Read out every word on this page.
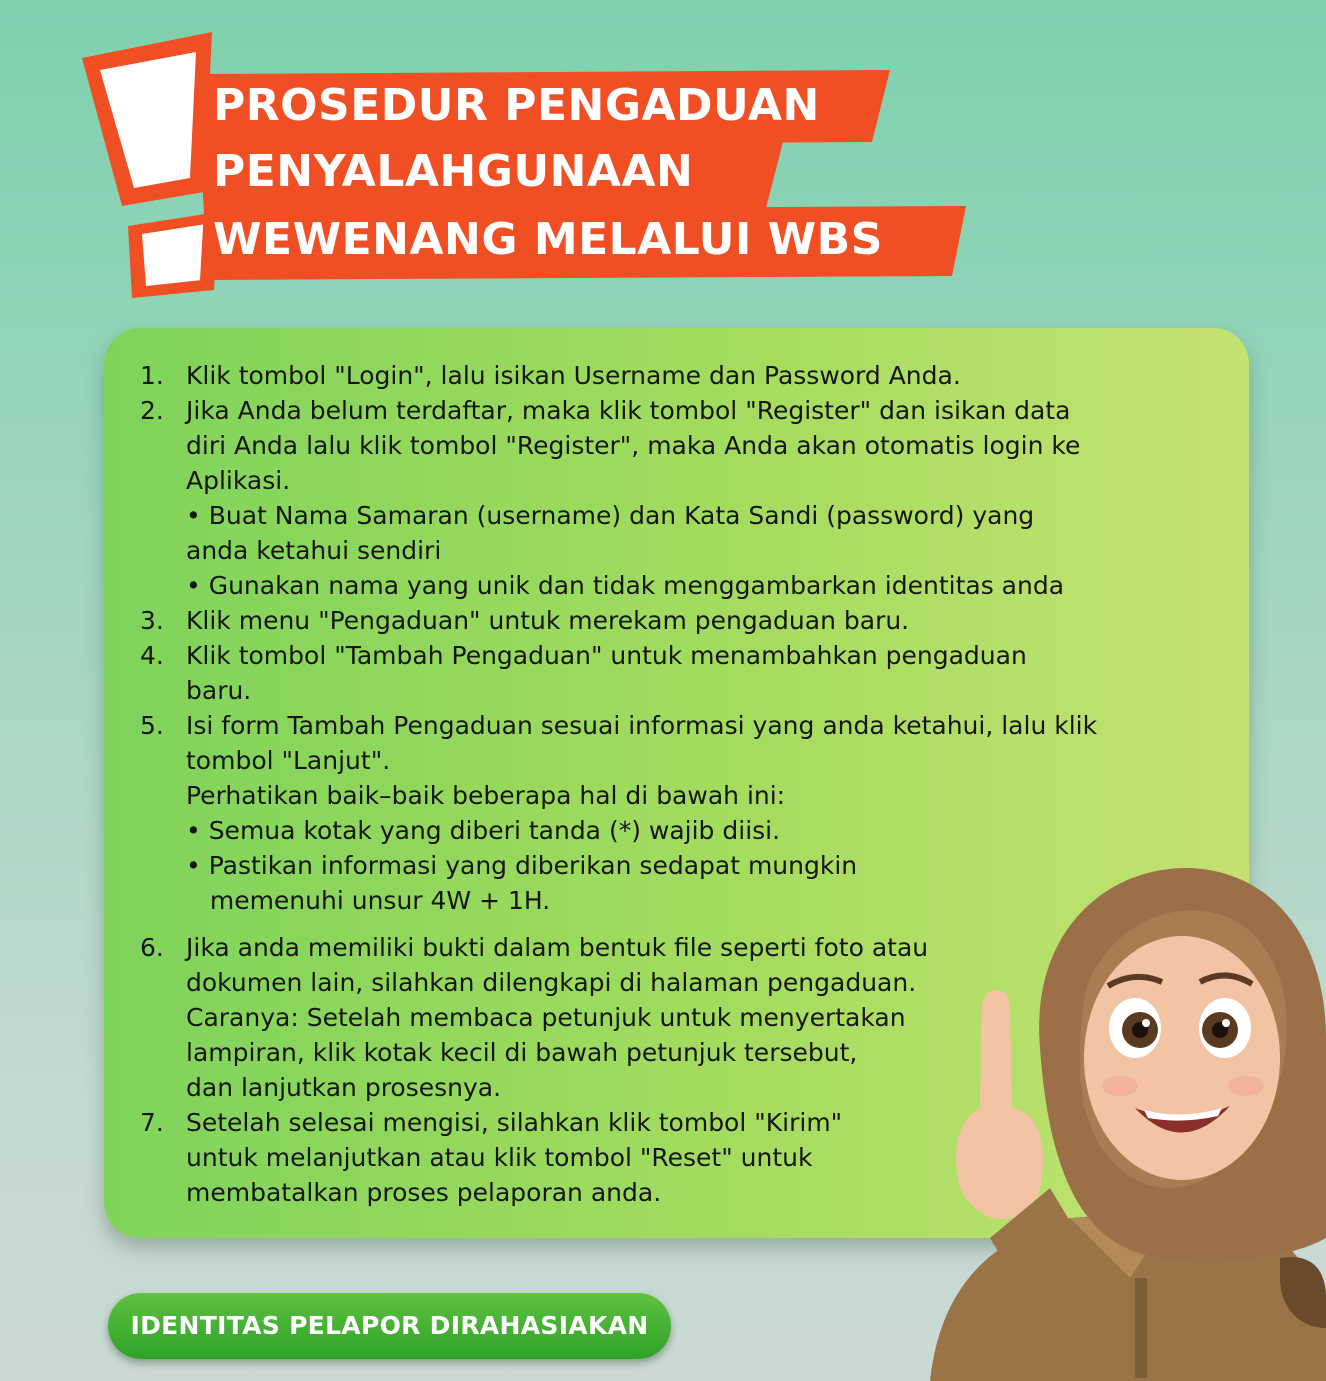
PROSEDUR PENGADUAN
PENYALAHGUNAAN
WEWENANG MELALUI WBS
1. Klik tombol "Login", lalu isikan Username dan Password Anda.
2. Jika Anda belum terdaftar, maka klik tombol "Register" dan isikan data
diri Anda lalu klik tombol "Register", maka Anda akan otomatis login ke
Aplikasi.
• Buat Nama Samaran (username) dan Kata Sandi (password) yang
anda ketahui sendiri
• Gunakan nama yang unik dan tidak menggambarkan identitas anda
3. Klik menu "Pengaduan" untuk merekam pengaduan baru.
4. Klik tombol "Tambah Pengaduan" untuk menambahkan pengaduan
baru.
5. Isi form Tambah Pengaduan sesuai informasi yang anda ketahui, lalu klik
tombol "Lanjut".
Perhatikan baik–baik beberapa hal di bawah ini:
• Semua kotak yang diberi tanda (*) wajib diisi.
• Pastikan informasi yang diberikan sedapat mungkin
memenuhi unsur 4W + 1H.
6. Jika anda memiliki bukti dalam bentuk file seperti foto atau
dokumen lain, silahkan dilengkapi di halaman pengaduan.
Caranya: Setelah membaca petunjuk untuk menyertakan
lampiran, klik kotak kecil di bawah petunjuk tersebut,
dan lanjutkan prosesnya.
7. Setelah selesai mengisi, silahkan klik tombol "Kirim"
untuk melanjutkan atau klik tombol "Reset" untuk
membatalkan proses pelaporan anda.
IDENTITAS PELAPOR DIRAHASIAKAN
